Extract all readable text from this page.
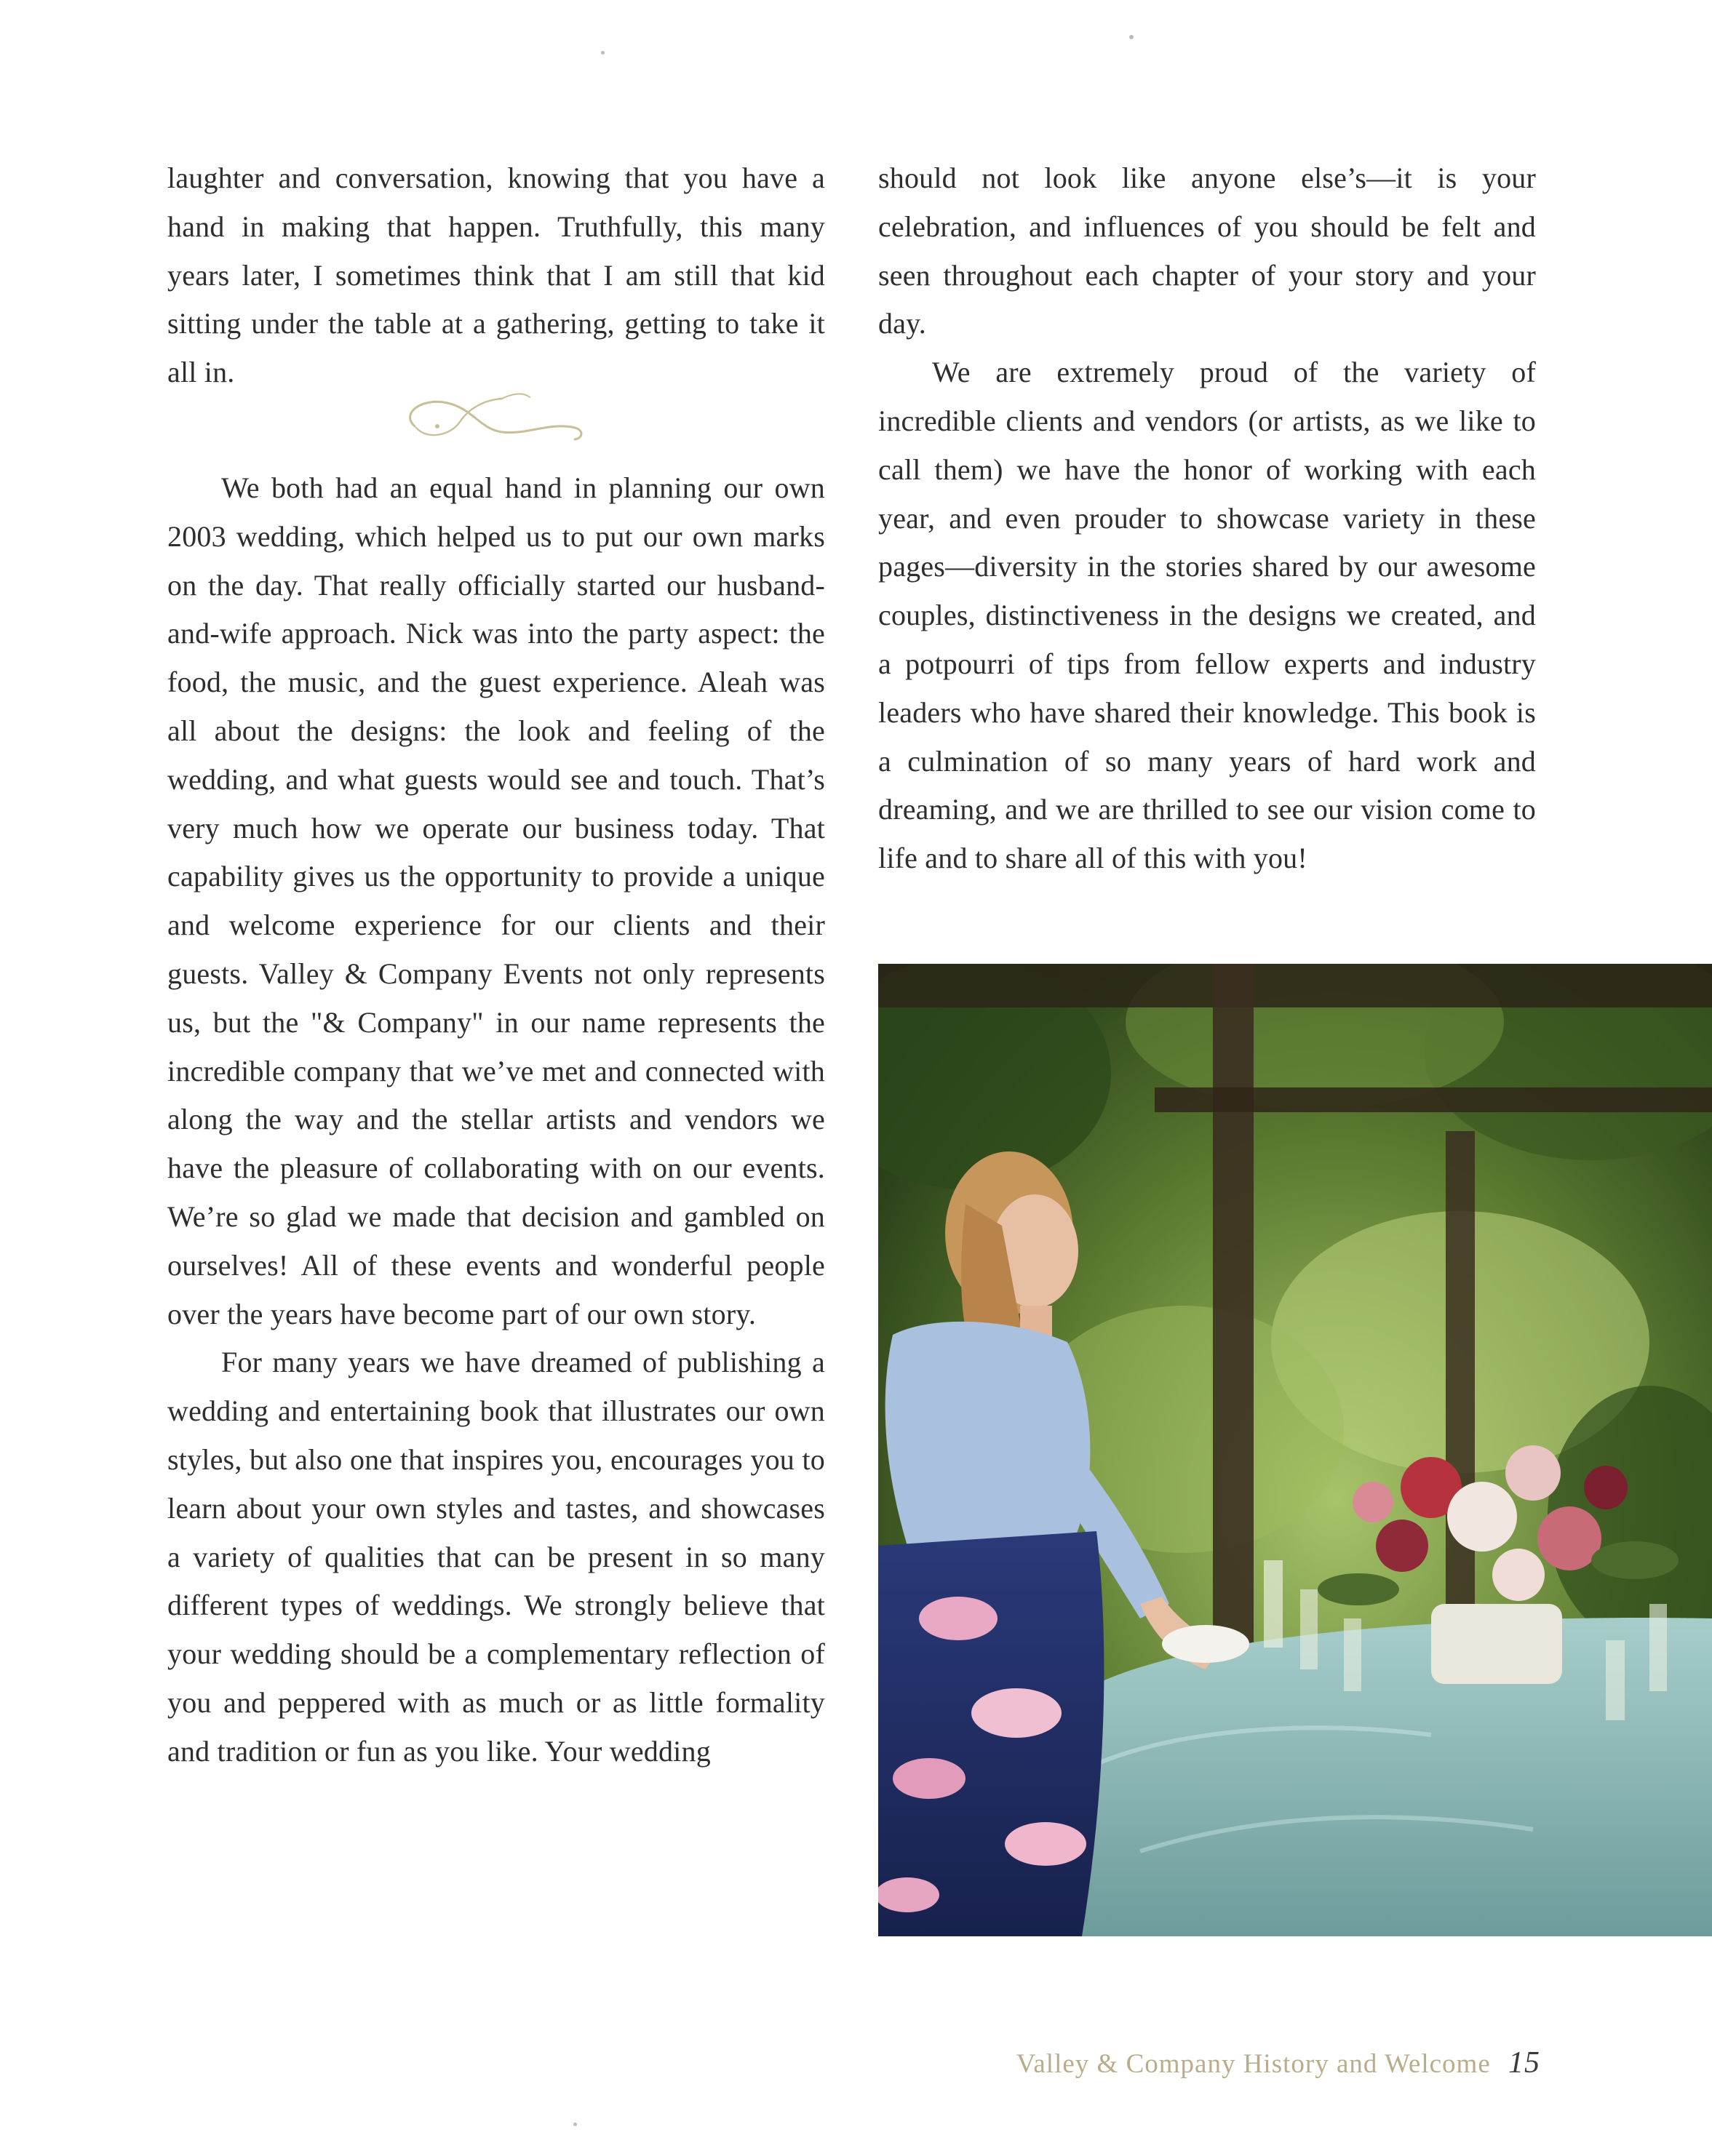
laughter and conversation, knowing that you have a hand in making that happen. Truthfully, this many years later, I sometimes think that I am still that kid sitting under the table at a gathering, getting to take it all in.

We both had an equal hand in planning our own 2003 wedding, which helped us to put our own marks on the day. That really officially started our husband-and-wife approach. Nick was into the party aspect: the food, the music, and the guest experience. Aleah was all about the designs: the look and feeling of the wedding, and what guests would see and touch. That’s very much how we operate our business today. That capability gives us the opportunity to provide a unique and welcome experience for our clients and their guests. Valley & Company Events not only represents us, but the "& Company" in our name represents the incredible company that we’ve met and connected with along the way and the stellar artists and vendors we have the pleasure of collaborating with on our events. We’re so glad we made that decision and gambled on ourselves! All of these events and wonderful people over the years have become part of our own story.

For many years we have dreamed of publishing a wedding and entertaining book that illustrates our own styles, but also one that inspires you, encourages you to learn about your own styles and tastes, and showcases a variety of qualities that can be present in so many different types of weddings. We strongly believe that your wedding should be a complementary reflection of you and peppered with as much or as little formality and tradition or fun as you like. Your wedding

should not look like anyone else’s—it is your celebration, and influences of you should be felt and seen throughout each chapter of your story and your day.

We are extremely proud of the variety of incredible clients and vendors (or artists, as we like to call them) we have the honor of working with each year, and even prouder to showcase variety in these pages—diversity in the stories shared by our awesome couples, distinctiveness in the designs we created, and a potpourri of tips from fellow experts and industry leaders who have shared their knowledge. This book is a culmination of so many years of hard work and dreaming, and we are thrilled to see our vision come to life and to share all of this with you!

Valley & Company History and Welcome 15
